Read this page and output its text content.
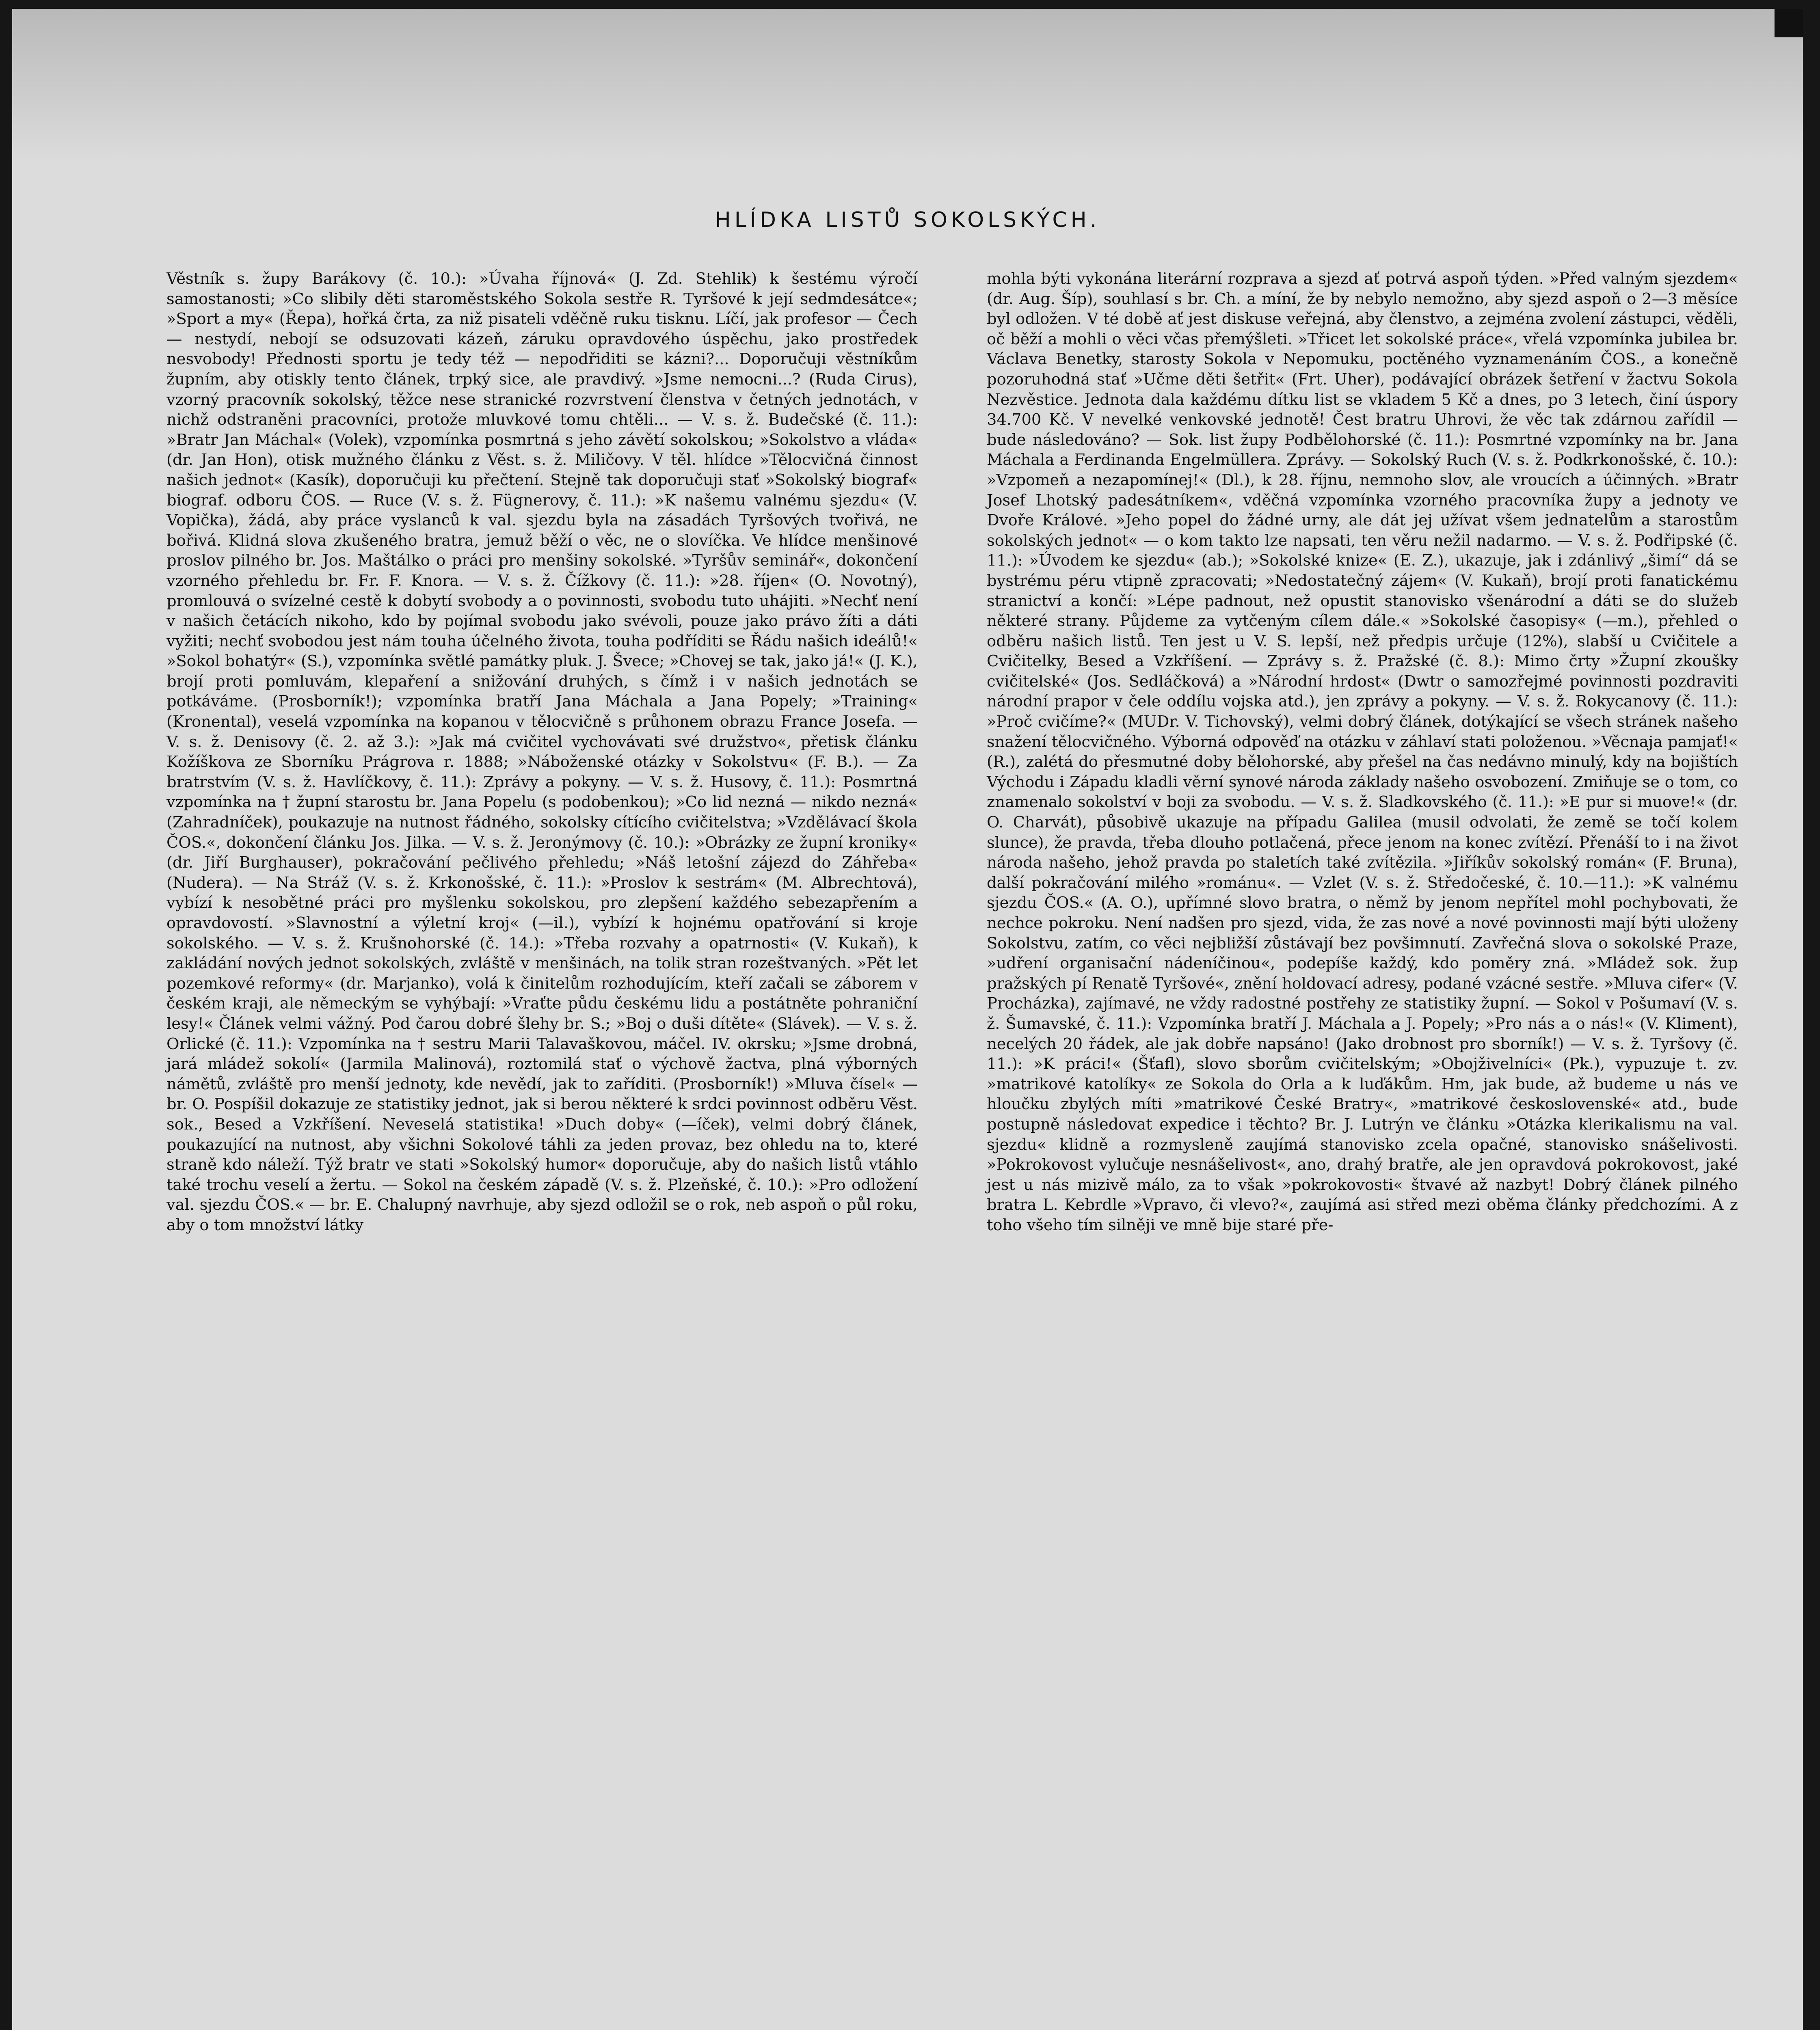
HLÍDKA LISTŮ SOKOLSKÝCH.

Věstník s. župy Barákovy (č. 10.): »Úvaha říjnová« (J. Zd. Stehlik) k šestému výročí samostanosti; »Co slibily děti staroměstského Sokola sestře R. Tyršové k její sedmdesátce«; »Sport a my« (Řepa), hořká črta, za niž pisateli vděčně ruku tisknu. Líčí, jak profesor — Čech — nestydí, nebojí se odsuzovati kázeň, záruku opravdového úspěchu, jako prostředek nesvobody! Přednosti sportu je tedy též — nepodřiditi se kázni?... Doporučuji věstníkům župním, aby otiskly tento článek, trpký sice, ale pravdivý. »Jsme nemocni...? (Ruda Cirus), vzorný pracovník sokolský, těžce nese stranické rozvrstvení členstva v četných jednotách, v nichž odstraněni pracovníci, protože mluvkové tomu chtěli... — V. s. ž. Budečské (č. 11.): »Bratr Jan Máchal« (Volek), vzpomínka posmrtná s jeho závětí sokolskou; »Sokolstvo a vláda« (dr. Jan Hon), otisk mužného článku z Věst. s. ž. Miličovy. V těl. hlídce »Tělocvičná činnost našich jednot« (Kasík), doporučuji ku přečtení. Stejně tak doporučuji stať »Sokolský biograf« biograf. odboru ČOS. — Ruce (V. s. ž. Fügnerovy, č. 11.): »K našemu valnému sjezdu« (V. Vopička), žádá, aby práce vyslanců k val. sjezdu byla na zásadách Tyršových tvořivá, ne bořivá. Klidná slova zkušeného bratra, jemuž běží o věc, ne o slovíčka. Ve hlídce menšinové proslov pilného br. Jos. Maštálko o práci pro menšiny sokolské. »Tyršův seminář«, dokončení vzorného přehledu br. Fr. F. Knora. — V. s. ž. Čížkovy (č. 11.): »28. říjen« (O. Novotný), promlouvá o svízelné cestě k dobytí svobody a o povinnosti, svobodu tuto uhájiti. »Nechť není v našich četácích nikoho, kdo by pojímal svobodu jako svévoli, pouze jako právo žíti a dáti vyžiti; nechť svobodou jest nám touha účelného života, touha podříditi se Řádu našich ideálů!« »Sokol bohatýr« (S.), vzpomínka světlé památky pluk. J. Švece; »Chovej se tak, jako já!« (J. K.), brojí proti pomluvám, klepaření a snižování druhých, s čímž i v našich jednotách se potkáváme. (Prosborník!); vzpomínka bratří Jana Máchala a Jana Popely; »Training« (Kronental), veselá vzpomínka na kopanou v tělocvičně s průhonem obrazu France Josefa. — V. s. ž. Denisovy (č. 2. až 3.): »Jak má cvičitel vychovávati své družstvo«, přetisk článku Kožíškova ze Sborníku Prágrova r. 1888; »Náboženské otázky v Sokolstvu« (F. B.). — Za bratrstvím (V. s. ž. Havlíčkovy, č. 11.): Zprávy a pokyny. — V. s. ž. Husovy, č. 11.): Posmrtná vzpomínka na † župní starostu br. Jana Popelu (s podobenkou); »Co lid nezná — nikdo nezná« (Zahradníček), poukazuje na nutnost řádného, sokolsky cítícího cvičitelstva; »Vzdělávací škola ČOS.«, dokončení článku Jos. Jilka. — V. s. ž. Jeronýmovy (č. 10.): »Obrázky ze župní kroniky« (dr. Jiří Burghauser), pokračování pečlivého přehledu; »Náš letošní zájezd do Záhřeba« (Nudera). — Na Stráž (V. s. ž. Krkonošské, č. 11.): »Proslov k sestrám« (M. Albrechtová), vybízí k nesobětné práci pro myšlenku sokolskou, pro zlepšení každého sebezapřením a opravdovostí. »Slavnostní a výletní kroj« (—il.), vybízí k hojnému opatřování si kroje sokolského. — V. s. ž. Krušnohorské (č. 14.): »Třeba rozvahy a opatrnosti« (V. Kukaň), k zakládání nových jednot sokolských, zvláště v menšinách, na tolik stran rozeštvaných. »Pět let pozemkové reformy« (dr. Marjanko), volá k činitelům rozhodujícím, kteří začali se záborem v českém kraji, ale německým se vyhýbají: »Vraťte půdu českému lidu a postátněte pohraniční lesy!« Článek velmi vážný. Pod čarou dobré šlehy br. S.; »Boj o duši dítěte« (Slávek). — V. s. ž. Orlické (č. 11.): Vzpomínka na † sestru Marii Talavaškovou, máčel. IV. okrsku; »Jsme drobná, jará mládež sokolí« (Jarmila Malinová), roztomilá stať o výchově žactva, plná výborných námětů, zvláště pro menší jednoty, kde nevědí, jak to zaříditi. (Prosborník!) »Mluva čísel« — br. O. Pospíšil dokazuje ze statistiky jednot, jak si berou některé k srdci povinnost odběru Věst. sok., Besed a Vzkříšení. Neveselá statistika! »Duch doby« (—íček), velmi dobrý článek, poukazující na nutnost, aby všichni Sokolové táhli za jeden provaz, bez ohledu na to, které straně kdo náleží. Týž bratr ve stati »Sokolský humor« doporučuje, aby do našich listů vtáhlo také trochu veselí a žertu. — Sokol na českém západě (V. s. ž. Plzeňské, č. 10.): »Pro odložení val. sjezdu ČOS.« — br. E. Chalupný navrhuje, aby sjezd odložil se o rok, neb aspoň o půl roku, aby o tom množství látky

mohla býti vykonána literární rozprava a sjezd ať potrvá aspoň týden. »Před valným sjezdem« (dr. Aug. Šíp), souhlasí s br. Ch. a míní, že by nebylo nemožno, aby sjezd aspoň o 2—3 měsíce byl odložen. V té době ať jest diskuse veřejná, aby členstvo, a zejména zvolení zástupci, věděli, oč běží a mohli o věci včas přemýšleti. »Třicet let sokolské práce«, vřelá vzpomínka jubilea br. Václava Benetky, starosty Sokola v Nepomuku, poctěného vyznamenáním ČOS., a konečně pozoruhodná stať »Učme děti šetřit« (Frt. Uher), podávající obrázek šetření v žactvu Sokola Nezvěstice. Jednota dala každému dítku list se vkladem 5 Kč a dnes, po 3 letech, činí úspory 34.700 Kč. V nevelké venkovské jednotě! Čest bratru Uhrovi, že věc tak zdárnou zařídil — bude následováno? — Sok. list župy Podbělohorské (č. 11.): Posmrtné vzpomínky na br. Jana Máchala a Ferdinanda Engelmüllera. Zprávy. — Sokolský Ruch (V. s. ž. Podkrkonošské, č. 10.): »Vzpomeň a nezapomínej!« (Dl.), k 28. říjnu, nemnoho slov, ale vroucích a účinných. »Bratr Josef Lhotský padesátníkem«, vděčná vzpomínka vzorného pracovníka župy a jednoty ve Dvoře Králové. »Jeho popel do žádné urny, ale dát jej užívat všem jednatelům a starostům sokolských jednot« — o kom takto lze napsati, ten věru nežil nadarmo. — V. s. ž. Podřipské (č. 11.): »Úvodem ke sjezdu« (ab.); »Sokolské knize« (E. Z.), ukazuje, jak i zdánlivý „šimí“ dá se bystrému péru vtipně zpracovati; »Nedostatečný zájem« (V. Kukaň), brojí proti fanatickému stranictví a končí: »Lépe padnout, než opustit stanovisko všenárodní a dáti se do služeb některé strany. Půjdeme za vytčeným cílem dále.« »Sokolské časopisy« (—m.), přehled o odběru našich listů. Ten jest u V. S. lepší, než předpis určuje (12%), slabší u Cvičitele a Cvičitelky, Besed a Vzkříšení. — Zprávy s. ž. Pražské (č. 8.): Mimo črty »Župní zkoušky cvičitelské« (Jos. Sedláčková) a »Národní hrdost« (Dwtr o samozřejmé povinnosti pozdraviti národní prapor v čele oddílu vojska atd.), jen zprávy a pokyny. — V. s. ž. Rokycanovy (č. 11.): »Proč cvičíme?« (MUDr. V. Tichovský), velmi dobrý článek, dotýkající se všech stránek našeho snažení tělocvičného. Výborná odpověď na otázku v záhlaví stati položenou. »Věcnaja pamjať!« (R.), zalétá do přesmutné doby bělohorské, aby přešel na čas nedávno minulý, kdy na bojištích Východu i Západu kladli věrní synové národa základy našeho osvobození. Zmiňuje se o tom, co znamenalo sokolství v boji za svobodu. — V. s. ž. Sladkovského (č. 11.): »E pur si muove!« (dr. O. Charvát), působivě ukazuje na případu Galilea (musil odvolati, že země se točí kolem slunce), že pravda, třeba dlouho potlačená, přece jenom na konec zvítězí. Přenáší to i na život národa našeho, jehož pravda po staletích také zvítězila. »Jiříkův sokolský román« (F. Bruna), další pokračování milého »románu«. — Vzlet (V. s. ž. Středočeské, č. 10.—11.): »K valnému sjezdu ČOS.« (A. O.), upřímné slovo bratra, o němž by jenom nepřítel mohl pochybovati, že nechce pokroku. Není nadšen pro sjezd, vida, že zas nové a nové povinnosti mají býti uloženy Sokolstvu, zatím, co věci nejbližší zůstávají bez povšimnutí. Zavřečná slova o sokolské Praze, »udření organisační nádeníčinou«, podepíše každý, kdo poměry zná. »Mládež sok. žup pražských pí Renatě Tyršové«, znění holdovací adresy, podané vzácné sestře. »Mluva cifer« (V. Procházka), zajímavé, ne vždy radostné postřehy ze statistiky župní. — Sokol v Pošumaví (V. s. ž. Šumavské, č. 11.): Vzpomínka bratří J. Máchala a J. Popely; »Pro nás a o nás!« (V. Kliment), necelých 20 řádek, ale jak dobře napsáno! (Jako drobnost pro sborník!) — V. s. ž. Tyršovy (č. 11.): »K práci!« (Šťafl), slovo sborům cvičitelským; »Obojživelníci« (Pk.), vypuzuje t. zv. »matrikové katolíky« ze Sokola do Orla a k luďákům. Hm, jak bude, až budeme u nás ve hloučku zbylých míti »matrikové České Bratry«, »matrikové československé« atd., bude postupně následovat expedice i těchto? Br. J. Lutrýn ve článku »Otázka klerikalismu na val. sjezdu« klidně a rozmysleně zaujímá stanovisko zcela opačné, stanovisko snášelivosti. »Pokrokovost vylučuje nesnášelivost«, ano, drahý bratře, ale jen opravdová pokrokovost, jaké jest u nás mizivě málo, za to však »pokrokovosti« štvavé až nazbyt! Dobrý článek pilného bratra L. Kebrdle »Vpravo, či vlevo?«, zaujímá asi střed mezi oběma články předchozími. A z toho všeho tím silněji ve mně bije staré pře-
